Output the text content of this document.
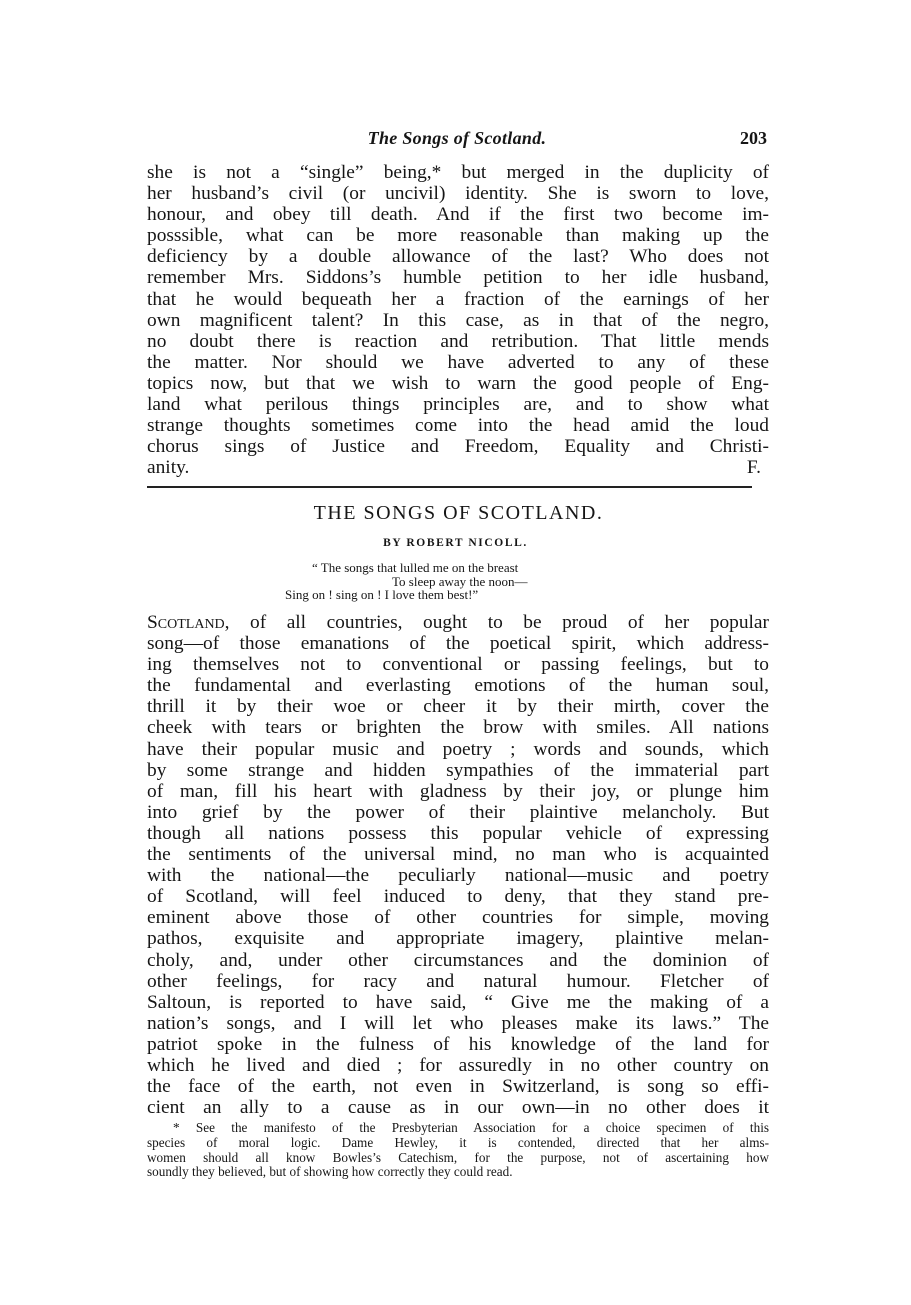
The Songs of Scotland.	203
she is not a “single” being,* but merged in the duplicity of
her husband’s civil (or uncivil) identity. She is sworn to love,
honour, and obey till death. And if the first two become im-
posssible, what can be more reasonable than making up the
deficiency by a double allowance of the last? Who does not
remember Mrs. Siddons’s humble petition to her idle husband,
that he would bequeath her a fraction of the earnings of her
own magnificent talent? In this case, as in that of the negro,
no doubt there is reaction and retribution. That little mends
the matter. Nor should we have adverted to any of these
topics now, but that we wish to warn the good people of Eng-
land what perilous things principles are, and to show what
strange thoughts sometimes come into the head amid the loud
chorus sings of Justice and Freedom, Equality and Christi-
anity.	F.
THE SONGS OF SCOTLAND.
BY ROBERT NICOLL.
“ The songs that lulled me on the breast
To sleep away the noon—
Sing on ! sing on ! I love them best!”
Scotland, of all countries, ought to be proud of her popular
song—of those emanations of the poetical spirit, which address-
ing themselves not to conventional or passing feelings, but to
the fundamental and everlasting emotions of the human soul,
thrill it by their woe or cheer it by their mirth, cover the
cheek with tears or brighten the brow with smiles. All nations
have their popular music and poetry ; words and sounds, which
by some strange and hidden sympathies of the immaterial part
of man, fill his heart with gladness by their joy, or plunge him
into grief by the power of their plaintive melancholy. But
though all nations possess this popular vehicle of expressing
the sentiments of the universal mind, no man who is acquainted
with the national—the peculiarly national—music and poetry
of Scotland, will feel induced to deny, that they stand pre-
eminent above those of other countries for simple, moving
pathos, exquisite and appropriate imagery, plaintive melan-
choly, and, under other circumstances and the dominion of
other feelings, for racy and natural humour. Fletcher of
Saltoun, is reported to have said, “ Give me the making of a
nation’s songs, and I will let who pleases make its laws.” The
patriot spoke in the fulness of his knowledge of the land for
which he lived and died ; for assuredly in no other country on
the face of the earth, not even in Switzerland, is song so effi-
cient an ally to a cause as in our own—in no other does it
* See the manifesto of the Presbyterian Association for a choice specimen of this
species of moral logic. Dame Hewley, it is contended, directed that her alms-
women should all know Bowles’s Catechism, for the purpose, not of ascertaining how
soundly they believed, but of showing how correctly they could read.
